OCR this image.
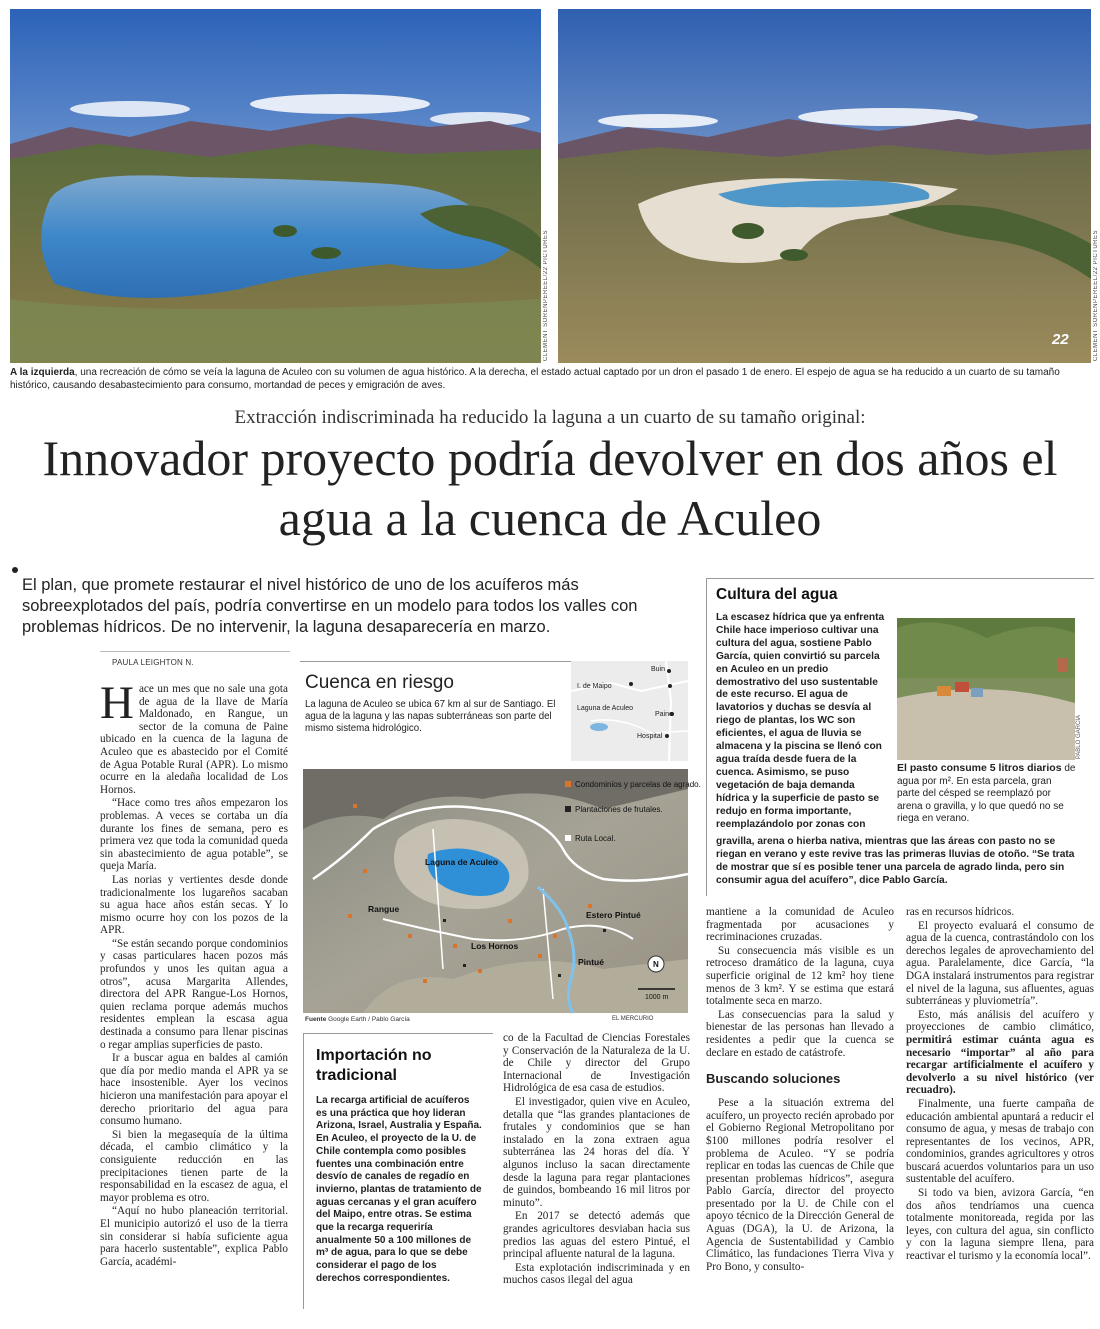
CLEMENT SORENPEREEL/22 PICTURES	22	CLEMENT SORENPEREEL/22 PICTURES
A la izquierda, una recreación de cómo se veía la laguna de Aculeo con su volumen de agua histórico. A la derecha, el estado actual captado por un dron el pasado 1 de enero. El espejo de agua se ha reducido a un cuarto de su tamaño histórico, causando desabastecimiento para consumo, mortandad de peces y emigración de aves.
Extracción indiscriminada ha reducido la laguna a un cuarto de su tamaño original:
Innovador proyecto podría devolver en dos años el agua a la cuenca de Aculeo
El plan, que promete restaurar el nivel histórico de uno de los acuíferos más sobreexplotados del país, podría convertirse en un modelo para todos los valles con problemas hídricos. De no intervenir, la laguna desaparecería en marzo.
PAULA LEIGHTON N.

Hace un mes que no sale una gota de agua de la llave de María Maldonado, en Rangue, un sector de la comuna de Paine ubicado en la cuenca de la laguna de Aculeo que es abastecido por el Comité de Agua Potable Rural (APR). Lo mismo ocurre en la aledaña localidad de Los Hornos.

“Hace como tres años empezaron los problemas. A veces se cortaba un día durante los fines de semana, pero es primera vez que toda la comunidad queda sin abastecimiento de agua potable”, se queja María.

Las norias y vertientes desde donde tradicionalmente los lugareños sacaban su agua hace años están secas. Y lo mismo ocurre hoy con los pozos de la APR.

“Se están secando porque condominios y casas particulares hacen pozos más profundos y unos les quitan agua a otros”, acusa Margarita Allendes, directora del APR Rangue-Los Hornos, quien reclama porque además muchos residentes emplean la escasa agua destinada a consumo para llenar piscinas o regar amplias superficies de pasto.

Ir a buscar agua en baldes al camión que día por medio manda el APR ya se hace insostenible. Ayer los vecinos hicieron una manifestación para apoyar el derecho prioritario del agua para consumo humano.

Si bien la megasequía de la última década, el cambio climático y la consiguiente reducción en las precipitaciones tienen parte de la responsabilidad en la escasez de agua, el mayor problema es otro.

“Aquí no hubo planeación territorial. El municipio autorizó el uso de la tierra sin considerar si había suficiente agua para hacerlo sustentable”, explica Pablo García, académi-

Cuenca en riesgo
La laguna de Aculeo se ubica 67 km al sur de Santiago. El agua de la laguna y las napas subterráneas son parte del mismo sistema hidrológico.
Buin
I. de Maipo
Laguna de Aculeo
Paine
Hospital
Condominios y parcelas de agrado.
Plantaciones de frutales.
Ruta Local.
Laguna de Aculeo
Rangue
Los Hornos
Estero Pintué
Pintué	N
1000 m
Fuente Google Earth / Pablo García	EL MERCURIO
Importación no tradicional
La recarga artificial de acuíferos es una práctica que hoy lideran Arizona, Israel, Australia y España. En Aculeo, el proyecto de la U. de Chile contempla como posibles fuentes una combinación entre desvío de canales de regadío en invierno, plantas de tratamiento de aguas cercanas y el gran acuífero del Maipo, entre otras. Se estima que la recarga requeriría anualmente 50 a 100 millones de m³ de agua, para lo que se debe considerar el pago de los derechos correspondientes.

co de la Facultad de Ciencias Forestales y Conservación de la Naturaleza de la U. de Chile y director del Grupo Internacional de Investigación Hidrológica de esa casa de estudios.

El investigador, quien vive en Aculeo, detalla que “las grandes plantaciones de frutales y condominios que se han instalado en la zona extraen agua subterránea las 24 horas del día. Y algunos incluso la sacan directamente desde la laguna para regar plantaciones de guindos, bombeando 16 mil litros por minuto”.

En 2017 se detectó además que grandes agricultores desviaban hacia sus predios las aguas del estero Pintué, el principal afluente natural de la laguna.

Esta explotación indiscriminada y en muchos casos ilegal del agua

Cultura del agua
La escasez hídrica que ya enfrenta Chile hace imperioso cultivar una cultura del agua, sostiene Pablo García, quien convirtió su parcela en Aculeo en un predio demostrativo del uso sustentable de este recurso. El agua de lavatorios y duchas se desvía al riego de plantas, los WC son eficientes, el agua de lluvia se almacena y la piscina se llenó con agua traída desde fuera de la cuenca. Asimismo, se puso vegetación de baja demanda hídrica y la superficie de pasto se redujo en forma importante, reemplazándolo por zonas con
gravilla, arena o hierba nativa, mientras que las áreas con pasto no se riegan en verano y este revive tras las primeras lluvias de otoño. “Se trata de mostrar que sí es posible tener una parcela de agrado linda, pero sin consumir agua del acuífero”, dice Pablo García.
PABLO GARCÍA
El pasto consume 5 litros diarios de agua por m². En esta parcela, gran parte del césped se reemplazó por arena o gravilla, y lo que quedó no se riega en verano.

mantiene a la comunidad de Aculeo fragmentada por acusaciones y recriminaciones cruzadas.

Su consecuencia más visible es un retroceso dramático de la laguna, cuya superficie original de 12 km² hoy tiene menos de 3 km². Y se estima que estará totalmente seca en marzo.

Las consecuencias para la salud y bienestar de las personas han llevado a residentes a pedir que la cuenca se declare en estado de catástrofe.

Buscando soluciones

Pese a la situación extrema del acuífero, un proyecto recién aprobado por el Gobierno Regional Metropolitano por $100 millones podría resolver el problema de Aculeo. “Y se podría replicar en todas las cuencas de Chile que presentan problemas hídricos”, asegura Pablo García, director del proyecto presentado por la U. de Chile con el apoyo técnico de la Dirección General de Aguas (DGA), la U. de Arizona, la Agencia de Sustentabilidad y Cambio Climático, las fundaciones Tierra Viva y Pro Bono, y consulto-

ras en recursos hídricos.

El proyecto evaluará el consumo de agua de la cuenca, contrastándolo con los derechos legales de aprovechamiento del agua. Paralelamente, dice García, “la DGA instalará instrumentos para registrar el nivel de la laguna, sus afluentes, aguas subterráneas y pluviometría”.

Esto, más análisis del acuífero y proyecciones de cambio climático, permitirá estimar cuánta agua es necesario “importar” al año para recargar artificialmente el acuífero y devolverlo a su nivel histórico (ver recuadro).

Finalmente, una fuerte campaña de educación ambiental apuntará a reducir el consumo de agua, y mesas de trabajo con representantes de los vecinos, APR, condominios, grandes agricultores y otros buscará acuerdos voluntarios para un uso sustentable del acuífero.

Si todo va bien, avizora García, “en dos años tendríamos una cuenca totalmente monitoreada, regida por las leyes, con cultura del agua, sin conflicto y con la laguna siempre llena, para reactivar el turismo y la economía local”.
